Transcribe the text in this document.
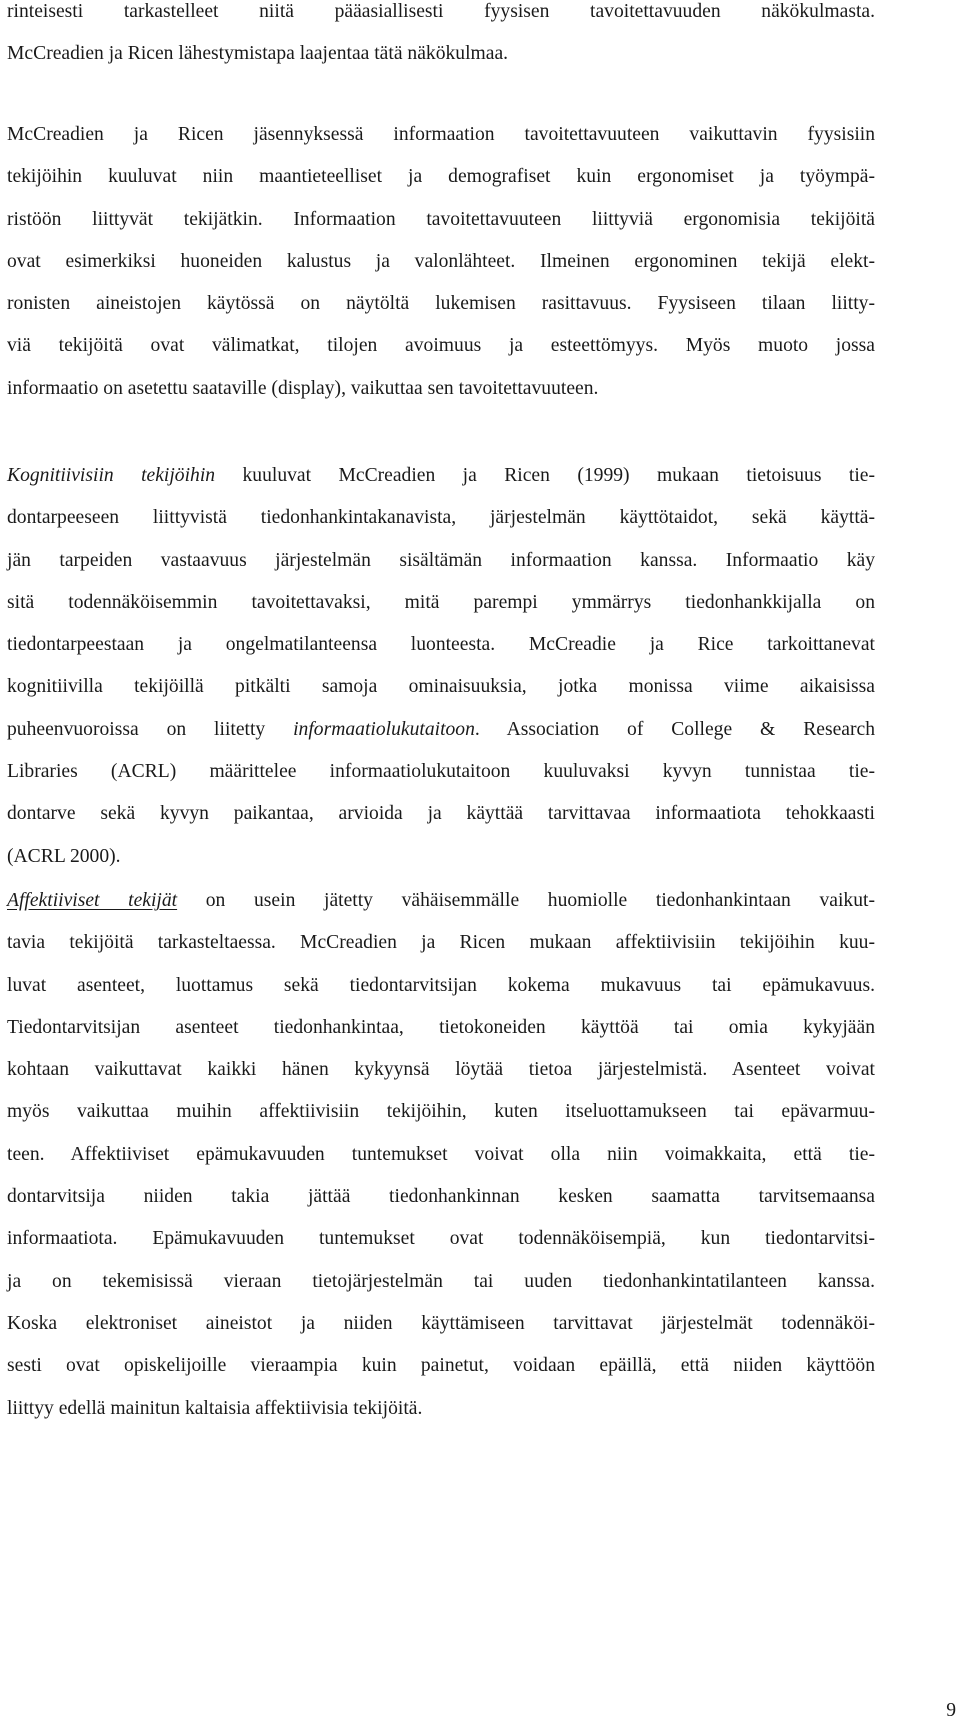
rinteisesti tarkastelleet niitä pääasiallisesti fyysisen tavoitettavuuden näkökulmasta.
McCreadien ja Ricen lähestymistapa laajentaa tätä näkökulmaa.

McCreadien ja Ricen jäsennyksessä informaation tavoitettavuuteen vaikuttavin fyysisiin
tekijöihin kuuluvat niin maantieteelliset ja demografiset kuin ergonomiset ja työympä-
ristöön liittyvät tekijätkin. Informaation tavoitettavuuteen liittyviä ergonomisia tekijöitä
ovat esimerkiksi huoneiden kalustus ja valonlähteet. Ilmeinen ergonominen tekijä elekt-
ronisten aineistojen käytössä on näytöltä lukemisen rasittavuus. Fyysiseen tilaan liitty-
viä tekijöitä ovat välimatkat, tilojen avoimuus ja esteettömyys. Myös muoto jossa
informaatio on asetettu saataville (display), vaikuttaa sen tavoitettavuuteen.

Kognitiivisiin tekijöihin kuuluvat McCreadien ja Ricen (1999) mukaan tietoisuus tie-
dontarpeeseen liittyvistä tiedonhankintakanavista, järjestelmän käyttötaidot, sekä käyttä-
jän tarpeiden vastaavuus järjestelmän sisältämän informaation kanssa. Informaatio käy
sitä todennäköisemmin tavoitettavaksi, mitä parempi ymmärrys tiedonhankkijalla on
tiedontarpeestaan ja ongelmatilanteensa luonteesta. McCreadie ja Rice tarkoittanevat
kognitiivilla tekijöillä pitkälti samoja ominaisuuksia, jotka monissa viime aikaisissa
puheenvuoroissa on liitetty informaatiolukutaitoon. Association of College & Research
Libraries (ACRL) määrittelee informaatiolukutaitoon kuuluvaksi kyvyn tunnistaa tie-
dontarve sekä kyvyn paikantaa, arvioida ja käyttää tarvittavaa informaatiota tehokkaasti
(ACRL 2000).

Affektiiviset tekijät on usein jätetty vähäisemmälle huomiolle tiedonhankintaan vaikut-
tavia tekijöitä tarkasteltaessa. McCreadien ja Ricen mukaan affektiivisiin tekijöihin kuu-
luvat asenteet, luottamus sekä tiedontarvitsijan kokema mukavuus tai epämukavuus.
Tiedontarvitsijan asenteet tiedonhankintaa, tietokoneiden käyttöä tai omia kykyjään
kohtaan vaikuttavat kaikki hänen kykyynsä löytää tietoa järjestelmistä. Asenteet voivat
myös vaikuttaa muihin affektiivisiin tekijöihin, kuten itseluottamukseen tai epävarmuu-
teen. Affektiiviset epämukavuuden tuntemukset voivat olla niin voimakkaita, että tie-
dontarvitsija niiden takia jättää tiedonhankinnan kesken saamatta tarvitsemaansa
informaatiota. Epämukavuuden tuntemukset ovat todennäköisempiä, kun tiedontarvitsi-
ja on tekemisissä vieraan tietojärjestelmän tai uuden tiedonhankintatilanteen kanssa.
Koska elektroniset aineistot ja niiden käyttämiseen tarvittavat järjestelmät todennäköi-
sesti ovat opiskelijoille vieraampia kuin painetut, voidaan epäillä, että niiden käyttöön
liittyy edellä mainitun kaltaisia affektiivisia tekijöitä.

9
